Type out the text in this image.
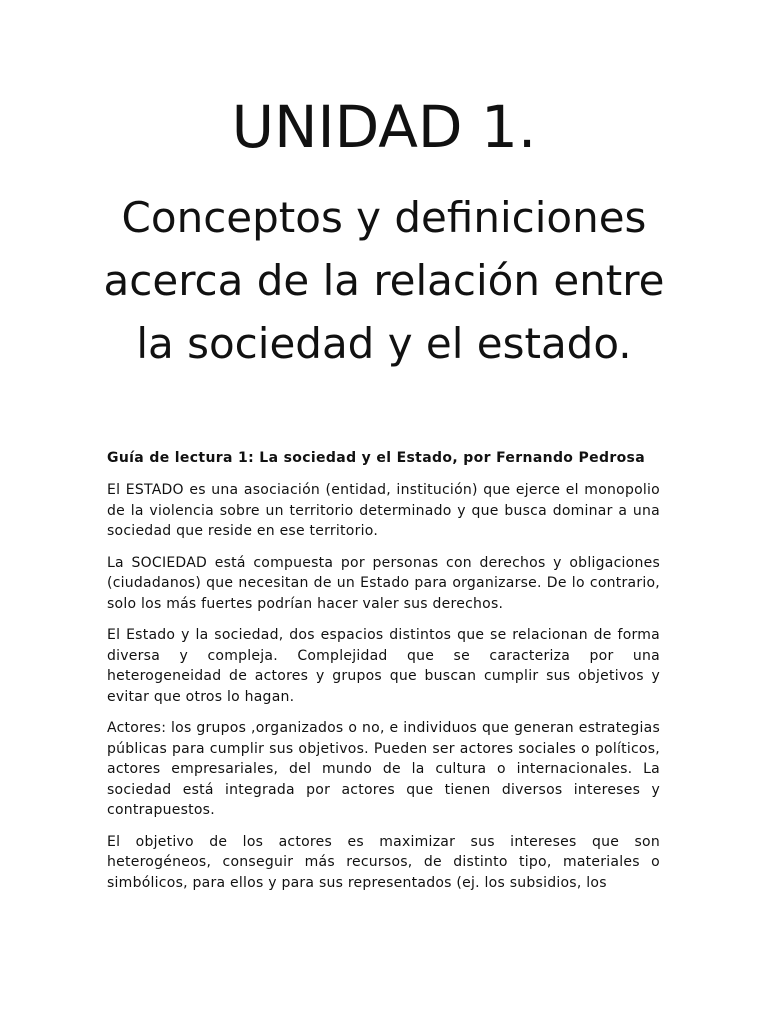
UNIDAD 1.
Conceptos y definiciones acerca de la relación entre la sociedad y el estado.

Guía de lectura 1: La sociedad y el Estado, por Fernando Pedrosa

El ESTADO es una asociación (entidad, institución) que ejerce el monopolio de la violencia sobre un territorio determinado y que busca dominar a una sociedad que reside en ese territorio.

La SOCIEDAD está compuesta por personas con derechos y obligaciones (ciudadanos) que necesitan de un Estado para organizarse. De lo contrario, solo los más fuertes podrían hacer valer sus derechos.

El Estado y la sociedad, dos espacios distintos que se relacionan de forma diversa y compleja. Complejidad que se caracteriza por una heterogeneidad de actores y grupos que buscan cumplir sus objetivos y evitar que otros lo hagan.

Actores: los grupos ,organizados o no, e individuos que generan estrategias públicas para cumplir sus objetivos. Pueden ser actores sociales o políticos, actores empresariales, del mundo de la cultura o internacionales. La sociedad está integrada por actores que tienen diversos intereses y contrapuestos.

El objetivo de los actores es maximizar sus intereses que son heterogéneos, conseguir más recursos, de distinto tipo, materiales o simbólicos, para ellos y para sus representados (ej. los subsidios, los
